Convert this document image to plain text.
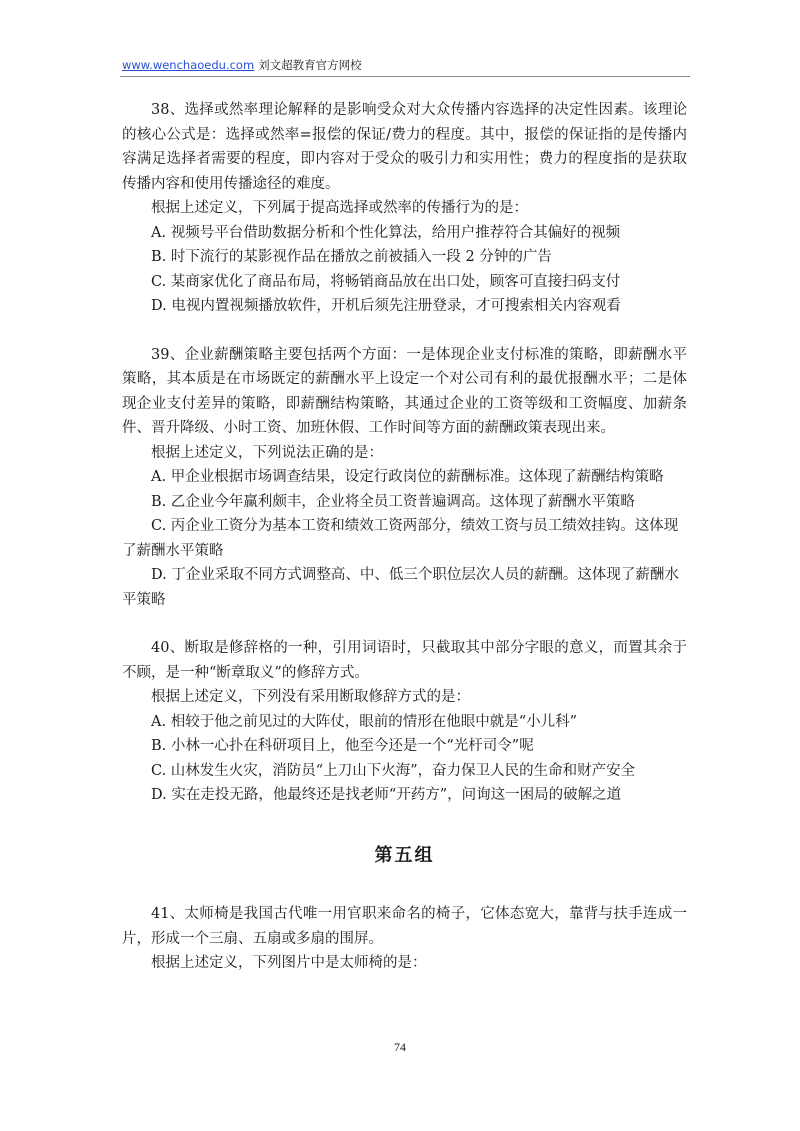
www.wenchaoedu.com 刘文超教育官方网校

38、选择或然率理论解释的是影响受众对大众传播内容选择的决定性因素。该理论的核心公式是：选择或然率=报偿的保证/费力的程度。其中，报偿的保证指的是传播内容满足选择者需要的程度，即内容对于受众的吸引力和实用性；费力的程度指的是获取传播内容和使用传播途径的难度。

根据上述定义，下列属于提高选择或然率的传播行为的是：

A. 视频号平台借助数据分析和个性化算法，给用户推荐符合其偏好的视频

B. 时下流行的某影视作品在播放之前被插入一段 2 分钟的广告

C. 某商家优化了商品布局，将畅销商品放在出口处，顾客可直接扫码支付

D. 电视内置视频播放软件，开机后须先注册登录，才可搜索相关内容观看

39、企业薪酬策略主要包括两个方面：一是体现企业支付标准的策略，即薪酬水平策略，其本质是在市场既定的薪酬水平上设定一个对公司有利的最优报酬水平；二是体现企业支付差异的策略，即薪酬结构策略，其通过企业的工资等级和工资幅度、加薪条件、晋升降级、小时工资、加班休假、工作时间等方面的薪酬政策表现出来。

根据上述定义，下列说法正确的是：

A. 甲企业根据市场调查结果，设定行政岗位的薪酬标准。这体现了薪酬结构策略

B. 乙企业今年赢利颇丰，企业将全员工资普遍调高。这体现了薪酬水平策略

C. 丙企业工资分为基本工资和绩效工资两部分，绩效工资与员工绩效挂钩。这体现了薪酬水平策略

D. 丁企业采取不同方式调整高、中、低三个职位层次人员的薪酬。这体现了薪酬水平策略

40、断取是修辞格的一种，引用词语时，只截取其中部分字眼的意义，而置其余于不顾，是一种“断章取义”的修辞方式。

根据上述定义，下列没有采用断取修辞方式的是：

A. 相较于他之前见过的大阵仗，眼前的情形在他眼中就是“小儿科”

B. 小林一心扑在科研项目上，他至今还是一个“光杆司令”呢

C. 山林发生火灾，消防员“上刀山下火海”，奋力保卫人民的生命和财产安全

D. 实在走投无路，他最终还是找老师“开药方”，问询这一困局的破解之道

第五组

41、太师椅是我国古代唯一用官职来命名的椅子，它体态宽大，靠背与扶手连成一片，形成一个三扇、五扇或多扇的围屏。

根据上述定义，下列图片中是太师椅的是：

74
